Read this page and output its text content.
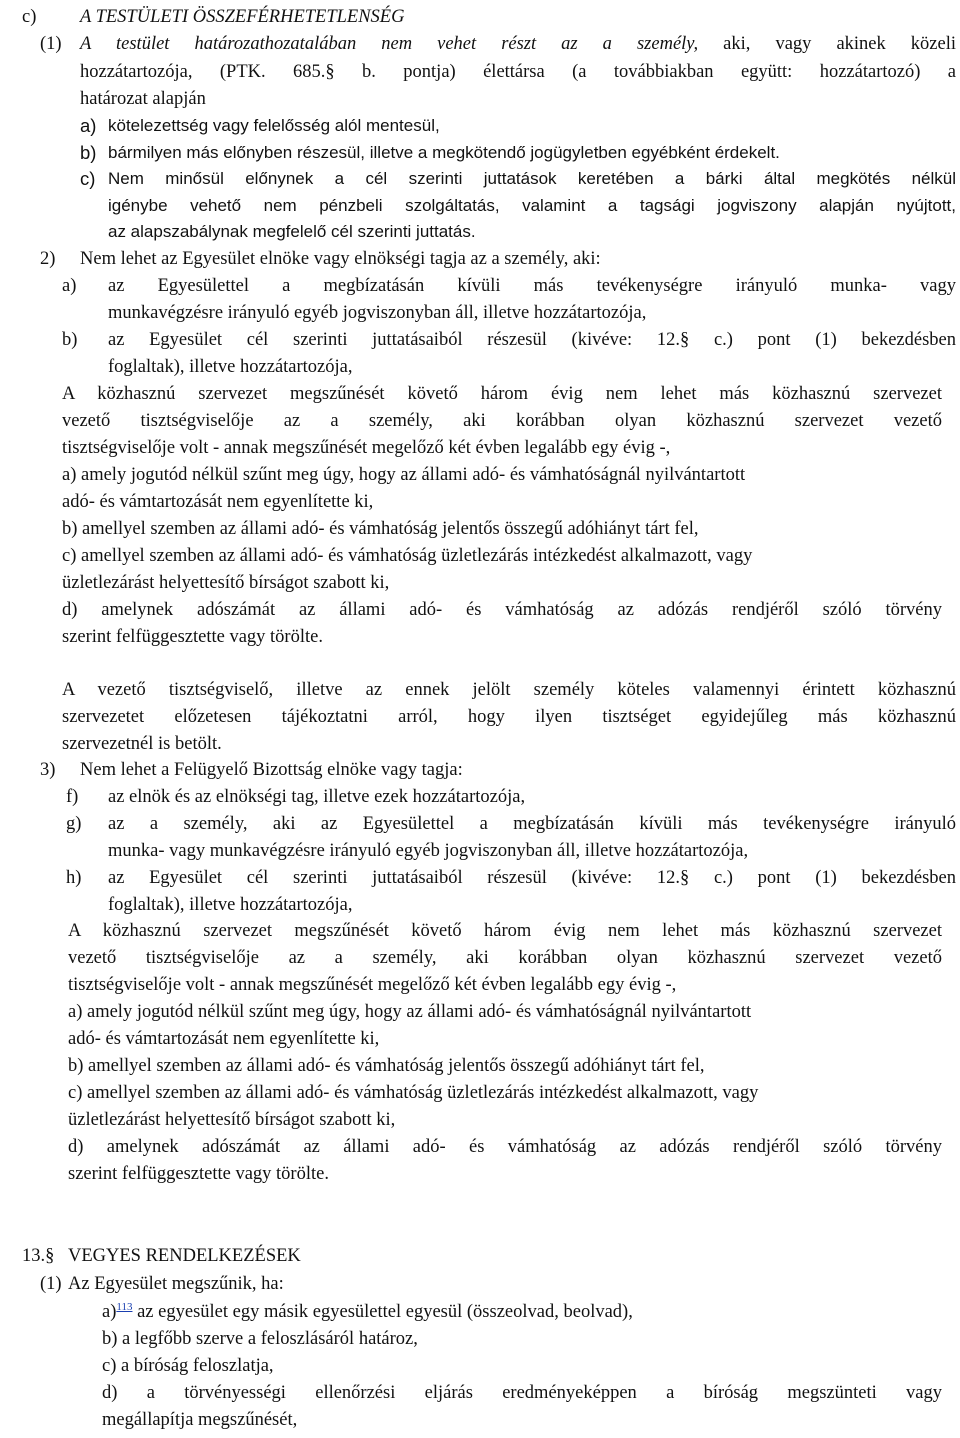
c) A TESTÜLETI ÖSSZEFÉRHETETLENSÉG
(1) A testület határozathozatalában nem vehet részt az a személy, aki, vagy akinek közeli
hozzátartozója, (PTK. 685.§ b. pontja) élettársa (a továbbiakban együtt: hozzátartozó) a
határozat alapján
a) kötelezettség vagy felelősség alól mentesül,
b) bármilyen más előnyben részesül, illetve a megkötendő jogügyletben egyébként érdekelt.
c) Nem minősül előnynek a cél szerinti juttatások keretében a bárki által megkötés nélkül
igénybe vehető nem pénzbeli szolgáltatás, valamint a tagsági jogviszony alapján nyújtott,
az alapszabálynak megfelelő cél szerinti juttatás.
2) Nem lehet az Egyesület elnöke vagy elnökségi tagja az a személy, aki:
a) az Egyesülettel a megbízatásán kívüli más tevékenységre irányuló munka- vagy
munkavégzésre irányuló egyéb jogviszonyban áll, illetve hozzátartozója,
b) az Egyesület cél szerinti juttatásaiból részesül (kivéve: 12.§ c.) pont (1) bekezdésben
foglaltak), illetve hozzátartozója,
A közhasznú szervezet megszűnését követő három évig nem lehet más közhasznú szervezet
vezető tisztségviselője az a személy, aki korábban olyan közhasznú szervezet vezető
tisztségviselője volt - annak megszűnését megelőző két évben legalább egy évig -,
a) amely jogutód nélkül szűnt meg úgy, hogy az állami adó- és vámhatóságnál nyilvántartott
adó- és vámtartozását nem egyenlítette ki,
b) amellyel szemben az állami adó- és vámhatóság jelentős összegű adóhiányt tárt fel,
c) amellyel szemben az állami adó- és vámhatóság üzletlezárás intézkedést alkalmazott, vagy
üzletlezárást helyettesítő bírságot szabott ki,
d) amelynek adószámát az állami adó- és vámhatóság az adózás rendjéről szóló törvény
szerint felfüggesztette vagy törölte.
A vezető tisztségviselő, illetve az ennek jelölt személy köteles valamennyi érintett közhasznú
szervezetet előzetesen tájékoztatni arról, hogy ilyen tisztséget egyidejűleg más közhasznú
szervezetnél is betölt.
3) Nem lehet a Felügyelő Bizottság elnöke vagy tagja:
f) az elnök és az elnökségi tag, illetve ezek hozzátartozója,
g) az a személy, aki az Egyesülettel a megbízatásán kívüli más tevékenységre irányuló
munka- vagy munkavégzésre irányuló egyéb jogviszonyban áll, illetve hozzátartozója,
h) az Egyesület cél szerinti juttatásaiból részesül (kivéve: 12.§ c.) pont (1) bekezdésben
foglaltak), illetve hozzátartozója,
A közhasznú szervezet megszűnését követő három évig nem lehet más közhasznú szervezet
vezető tisztségviselője az a személy, aki korábban olyan közhasznú szervezet vezető
tisztségviselője volt - annak megszűnését megelőző két évben legalább egy évig -,
a) amely jogutód nélkül szűnt meg úgy, hogy az állami adó- és vámhatóságnál nyilvántartott
adó- és vámtartozását nem egyenlítette ki,
b) amellyel szemben az állami adó- és vámhatóság jelentős összegű adóhiányt tárt fel,
c) amellyel szemben az állami adó- és vámhatóság üzletlezárás intézkedést alkalmazott, vagy
üzletlezárást helyettesítő bírságot szabott ki,
d) amelynek adószámát az állami adó- és vámhatóság az adózás rendjéről szóló törvény
szerint felfüggesztette vagy törölte.
13.§ VEGYES RENDELKEZÉSEK
(1) Az Egyesület megszűnik, ha:
a)$^{113}$ az egyesület egy másik egyesülettel egyesül (összeolvad, beolvad),
b) a legfőbb szerve a feloszlásáról határoz,
c) a bíróság feloszlatja,
d) a törvényességi ellenőrzési eljárás eredményeképpen a bíróság megszünteti vagy
megállapítja megszűnését,
